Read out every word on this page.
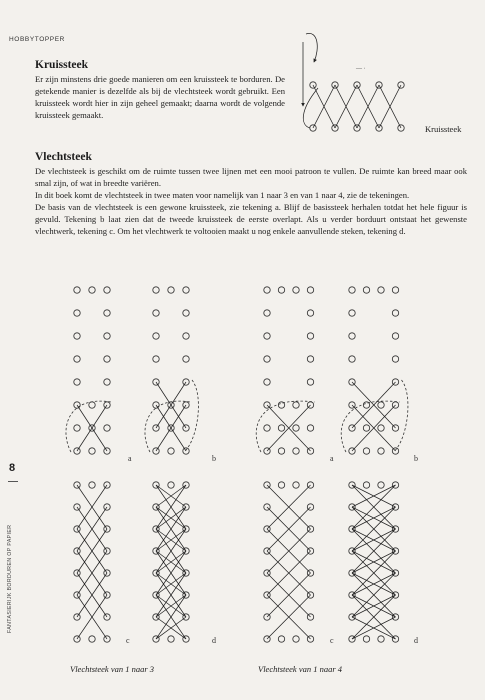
HOBBYTOPPER
Kruissteek
Er zijn minstens drie goede manieren om een kruissteek te borduren. De getekende manier is dezelfde als bij de vlechtsteek wordt gebruikt. Een kruissteek wordt hier in zijn geheel gemaakt; daarna wordt de volgende kruissteek gemaakt.
Kruissteek
Vlechtsteek

De vlechtsteek is geschikt om de ruimte tussen twee lijnen met een mooi patroon te vullen. De ruimte kan breed maar ook smal zijn, of wat in breedte variëren.

In dit boek komt de vlechtsteek in twee maten voor namelijk van 1 naar 3 en van 1 naar 4, zie de tekeningen.

De basis van de vlechtsteek is een gewone kruissteek, zie tekening a. Blijf de basissteek herhalen totdat het hele figuur is gevuld. Tekening b laat zien dat de tweede kruissteek de eerste overlapt. Als u verder borduurt ontstaat het gewenste vlechtwerk, tekening c. Om het vlechtwerk te voltooien maakt u nog enkele aanvullende steken, tekening d.

— ·
a	b	a	b
c	d	c	d
Vlechtsteek van 1 naar 3	Vlechtsteek van 1 naar 4
8
FANTASIERIJK BORDUREN OP PAPIER
